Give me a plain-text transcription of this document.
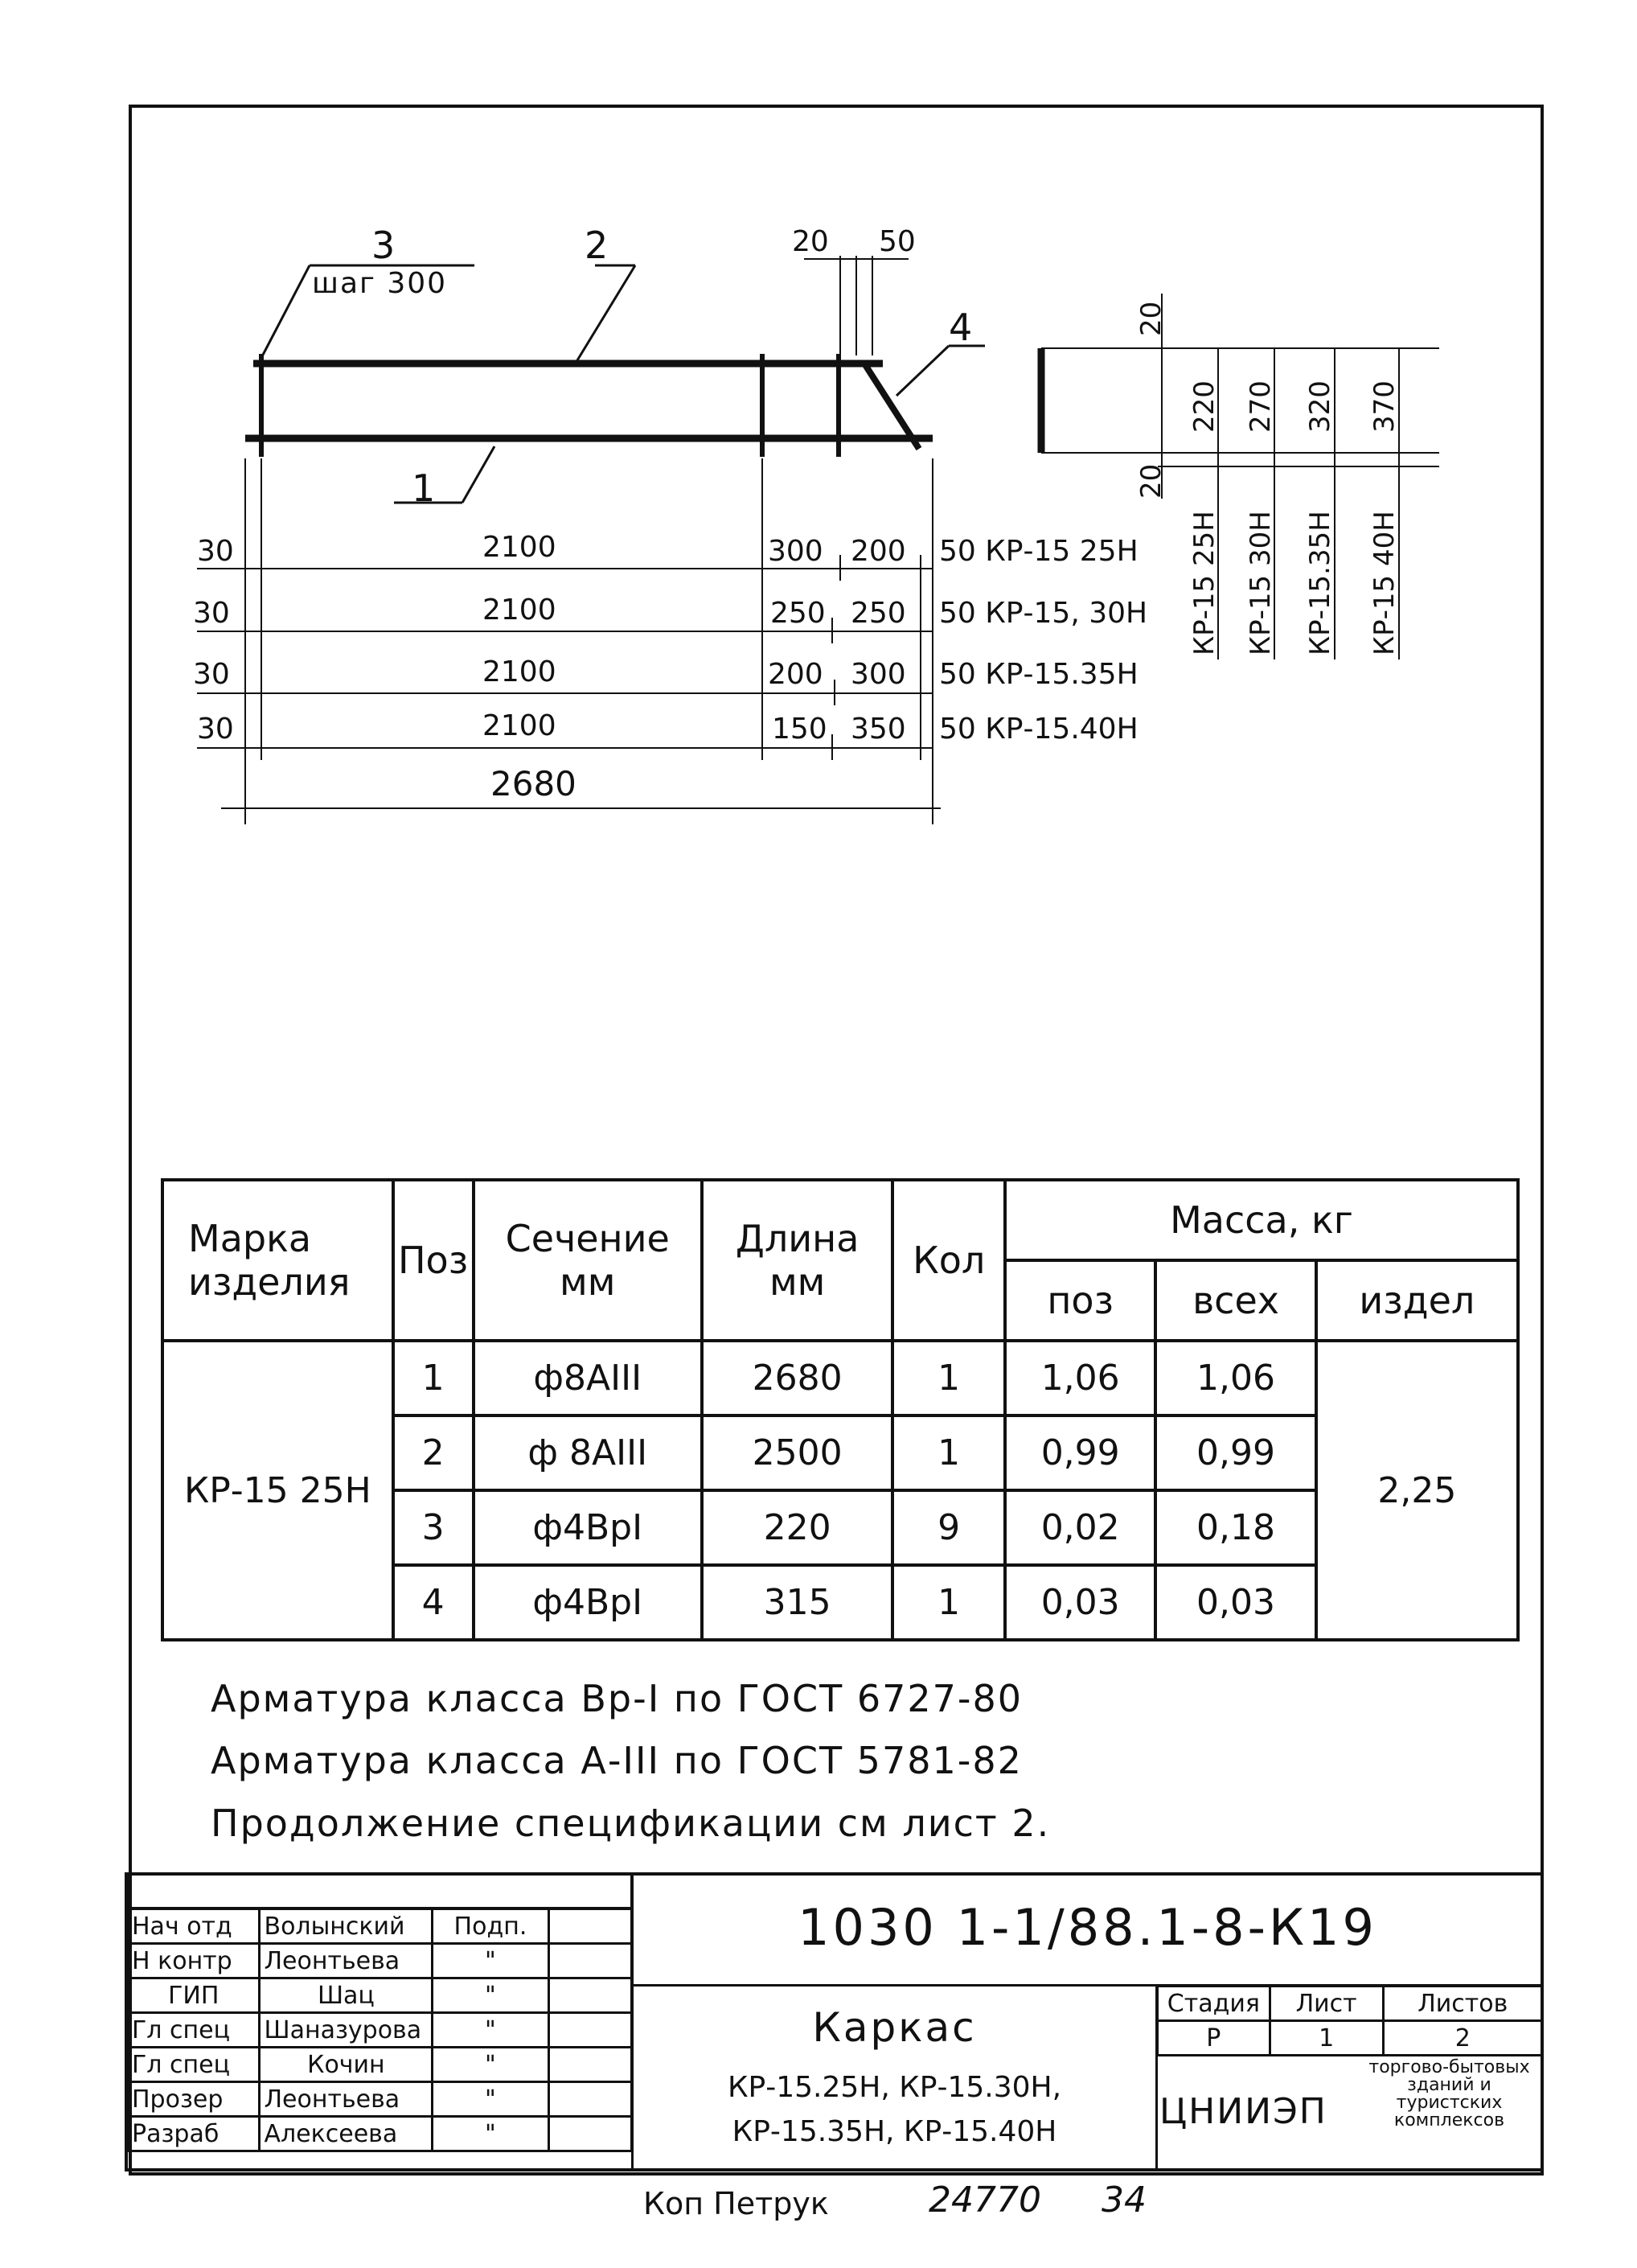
3
шаг 300
2
4
1
20 50
30	2100	300 200 50 КР-15 25Н
30	2100	250 250 50 КР-15, 30Н
30	2100	200 300 50 КР-15.35Н
30	2100	150 350 50 КР-15.40Н
2680
20
20
220 270 320 370
КР-15 25Н КР-15 30Н КР-15.35Н КР-15 40Н
Марка изделия	Поз	Сечение мм	Длина мм	Кол	Масса, кг		
					поз	всех	издел
КР-15 25Н	1	ф8АIII	2680	1	1,06	1,06	2,25
	2	ф 8АIII	2500	1	0,99	0,99	
	3	ф4ВрI	220	9	0,02	0,18	
	4	ф4ВрI	315	1	0,03	0,03	
Арматура класса Вр-I по ГОСТ 6727-80
Арматура класса А-III по ГОСТ 5781-82
Продолжение спецификации см лист 2.
Нач отд	Волынский	Подп.	
Н контр	Леонтьева	"	
ГИП	Шац	"	
Гл спец	Шаназурова	"	
Гл спец	Кочин	"	
Прозер	Леонтьева	"	
Разраб	Алексеева	"	
1030 1-1/88.1-8-К19
Каркас
КР-15.25Н, КР-15.30Н,
КР-15.35Н, КР-15.40Н
Стадия	Лист	Листов
Р	1	2
ЦНИИЭП
торгово-бытовых зданий и туристских комплексов
Коп Петрук	24770 34
